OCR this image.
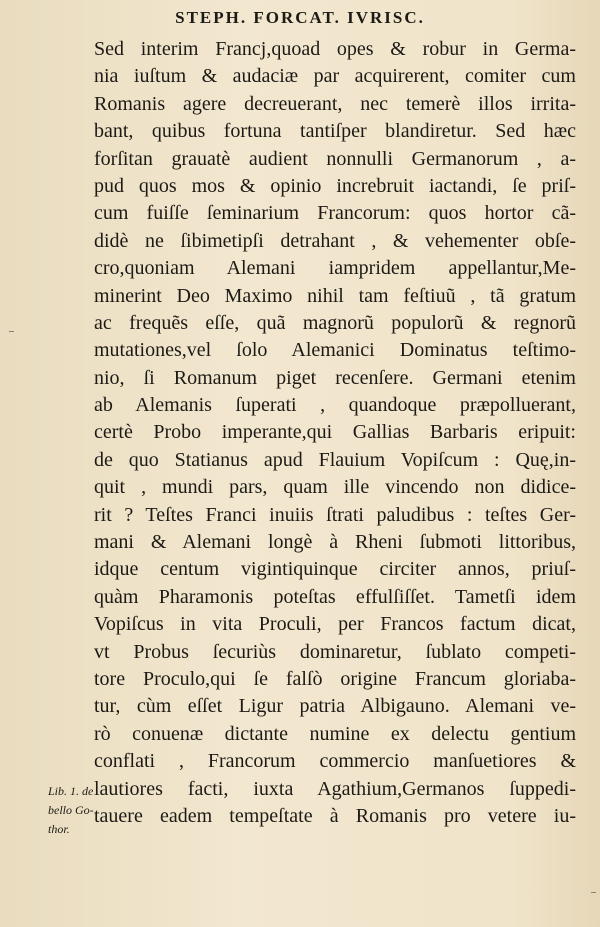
STEPH. FORCAT. IVRISC.
Sed interim Francj,quoad opes & robur in Germa-
nia iuſtum & audaciæ par acquirerent, comiter cum
Romanis agere decreuerant, nec temerè illos irrita-
bant, quibus fortuna tantiſper blandiretur. Sed hæc
forſitan grauatè audient nonnulli Germanorum , a-
pud quos mos & opinio increbruit iactandi, ſe priſ-
cum fuiſſe ſeminarium Francorum: quos hortor cã-
didè ne ſibimetipſi detrahant , & vehementer obſe-
cro,quoniam Alemani iampridem appellantur,Me-
minerint Deo Maximo nihil tam feſtiuũ , tã gratum
ac frequẽs eſſe, quã magnorũ populorũ & regnorũ
mutationes,vel ſolo Alemanici Dominatus teſtimo-
nio, ſi Romanum piget recenſere. Germani etenim
ab Alemanis ſuperati , quandoque præpolluerant,
certè Probo imperante,qui Gallias Barbaris eripuit:
de quo Statianus apud Flauium Vopiſcum : Quę,in-
quit , mundi pars, quam ille vincendo non didice-
rit ? Teſtes Franci inuiis ſtrati paludibus : teſtes Ger-
mani & Alemani longè à Rheni ſubmoti littoribus,
idque centum vigintiquinque circiter annos, priuſ-
quàm Pharamonis poteſtas effulſiſſet. Tametſi idem
Vopiſcus in vita Proculi, per Francos factum dicat,
vt Probus ſecuriùs dominaretur, ſublato competi-
tore Proculo,qui ſe falſò origine Francum gloriaba-
tur, cùm eſſet Ligur patria Albigauno. Alemani ve-
rò conuenæ dictante numine ex delectu gentium
conflati , Francorum commercio manſuetiores &
lautiores facti, iuxta Agathium,Germanos ſuppedi-
tauere eadem tempeſtate à Romanis pro vetere iu-
Lib. 1. de
bello Go-
thor.
